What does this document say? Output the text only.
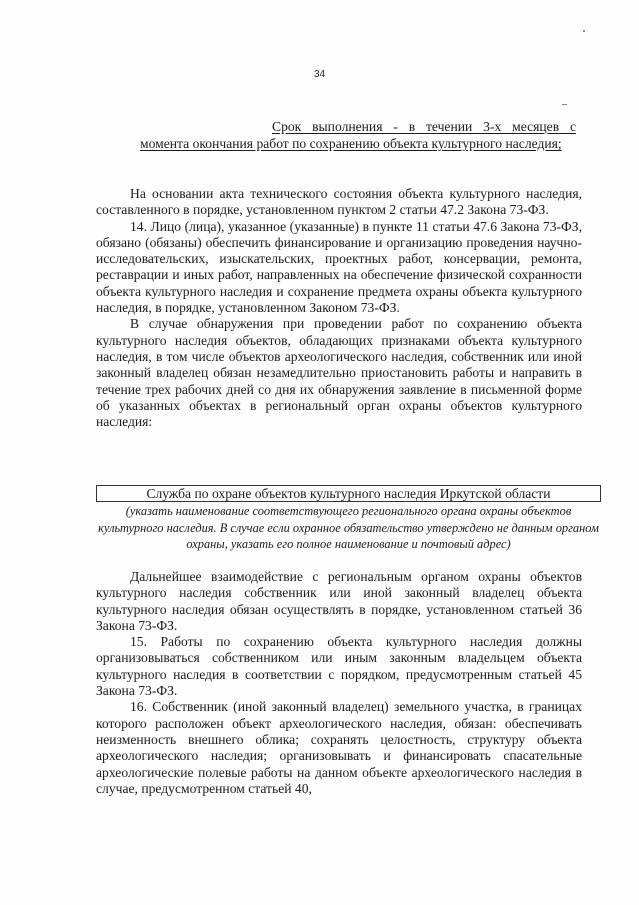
34
Срок выполнения - в течении 3-х месяцев с момента окончания работ по сохранению объекта культурного наследия;

На основании акта технического состояния объекта культурного наследия, составленного в порядке, установленном пунктом 2 статьи 47.2 Закона 73-ФЗ.

14. Лицо (лица), указанное (указанные) в пункте 11 статьи 47.6 Закона 73-ФЗ, обязано (обязаны) обеспечить финансирование и организацию проведения научно-исследовательских, изыскательских, проектных работ, консервации, ремонта, реставрации и иных работ, направленных на обеспечение физической сохранности объекта культурного наследия и сохранение предмета охраны объекта культурного наследия, в порядке, установленном Законом 73-ФЗ.

В случае обнаружения при проведении работ по сохранению объекта культурного наследия объектов, обладающих признаками объекта культурного наследия, в том числе объектов археологического наследия, собственник или иной законный владелец обязан незамедлительно приостановить работы и направить в течение трех рабочих дней со дня их обнаружения заявление в письменной форме об указанных объектах в региональный орган охраны объектов культурного наследия:

Служба по охране объектов культурного наследия Иркутской области
(указать наименование соответствующего регионального органа охраны объектов культурного наследия. В случае если охранное обязательство утверждено не данным органом охраны, указать его полное наименование и почтовый адрес)

Дальнейшее взаимодействие с региональным органом охраны объектов культурного наследия собственник или иной законный владелец объекта культурного наследия обязан осуществлять в порядке, установленном статьей 36 Закона 73-ФЗ.

15. Работы по сохранению объекта культурного наследия должны организовываться собственником или иным законным владельцем объекта культурного наследия в соответствии с порядком, предусмотренным статьей 45 Закона 73-ФЗ.

16. Собственник (иной законный владелец) земельного участка, в границах которого расположен объект археологического наследия, обязан: обеспечивать неизменность внешнего облика; сохранять целостность, структуру объекта археологического наследия; организовывать и финансировать спасательные археологические полевые работы на данном объекте археологического наследия в случае, предусмотренном статьей 40,
